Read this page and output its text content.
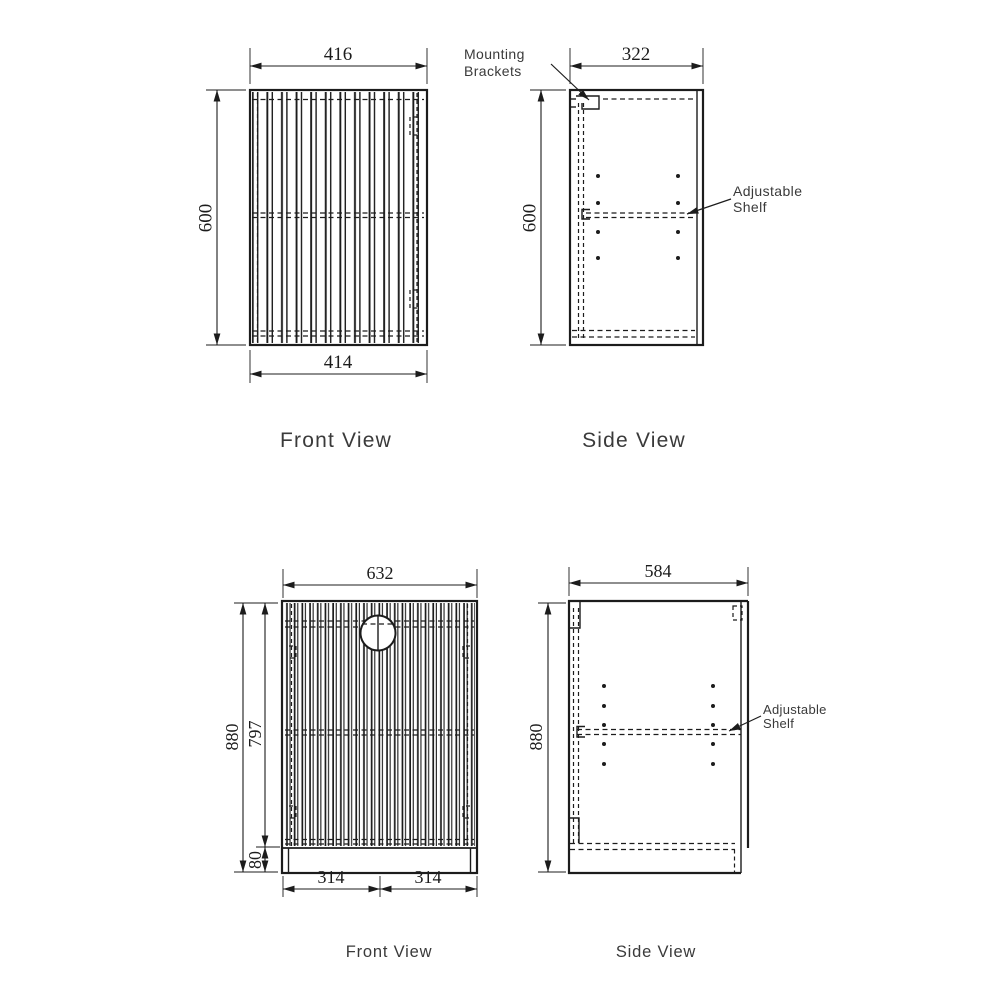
416
414
600
Front View
322
600
Mounting
Brackets
Adjustable
Shelf
Side View
632
880 797
80
314	314
Front View
584
880
Adjustable
Shelf
Side View
